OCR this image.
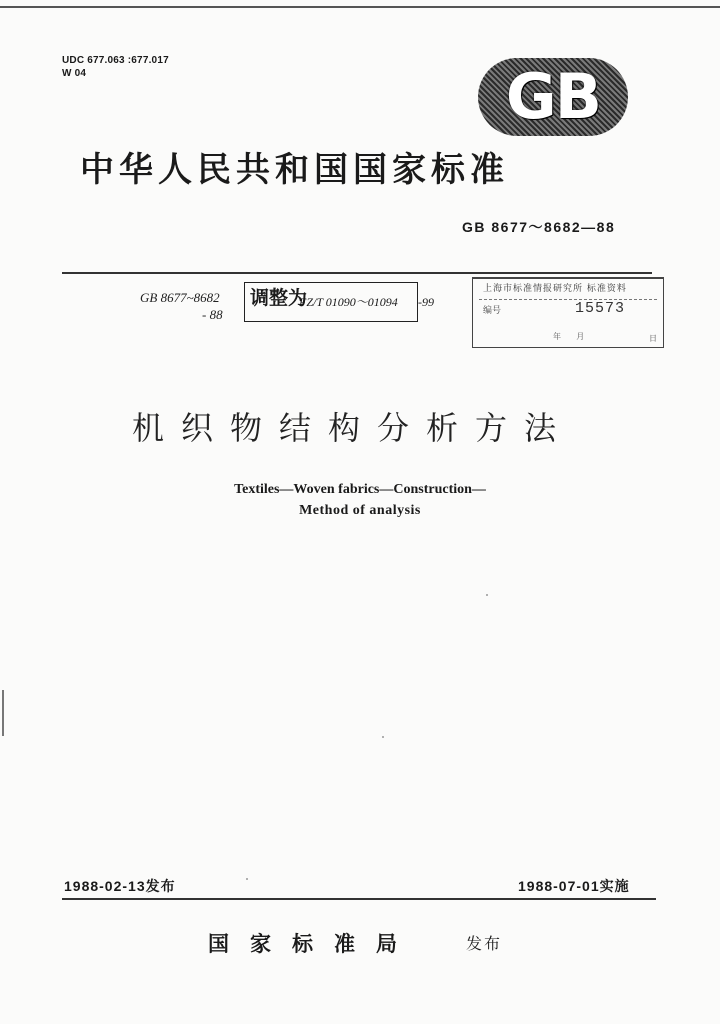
UDC 677.063 :677.017
W 04	GB
中华人民共和国国家标准
GB 8677～8682—88
GB 8677~8682
- 88
调整为
FZ/T 01090～01094 -99
上海市标准情报研究所 标准资料
编号	15573
年 月	日
机织物结构分析方法
Textiles—Woven fabrics—Construction—
Method of analysis
1988-02-13发布	1988-07-01实施
国家标准局	发布
